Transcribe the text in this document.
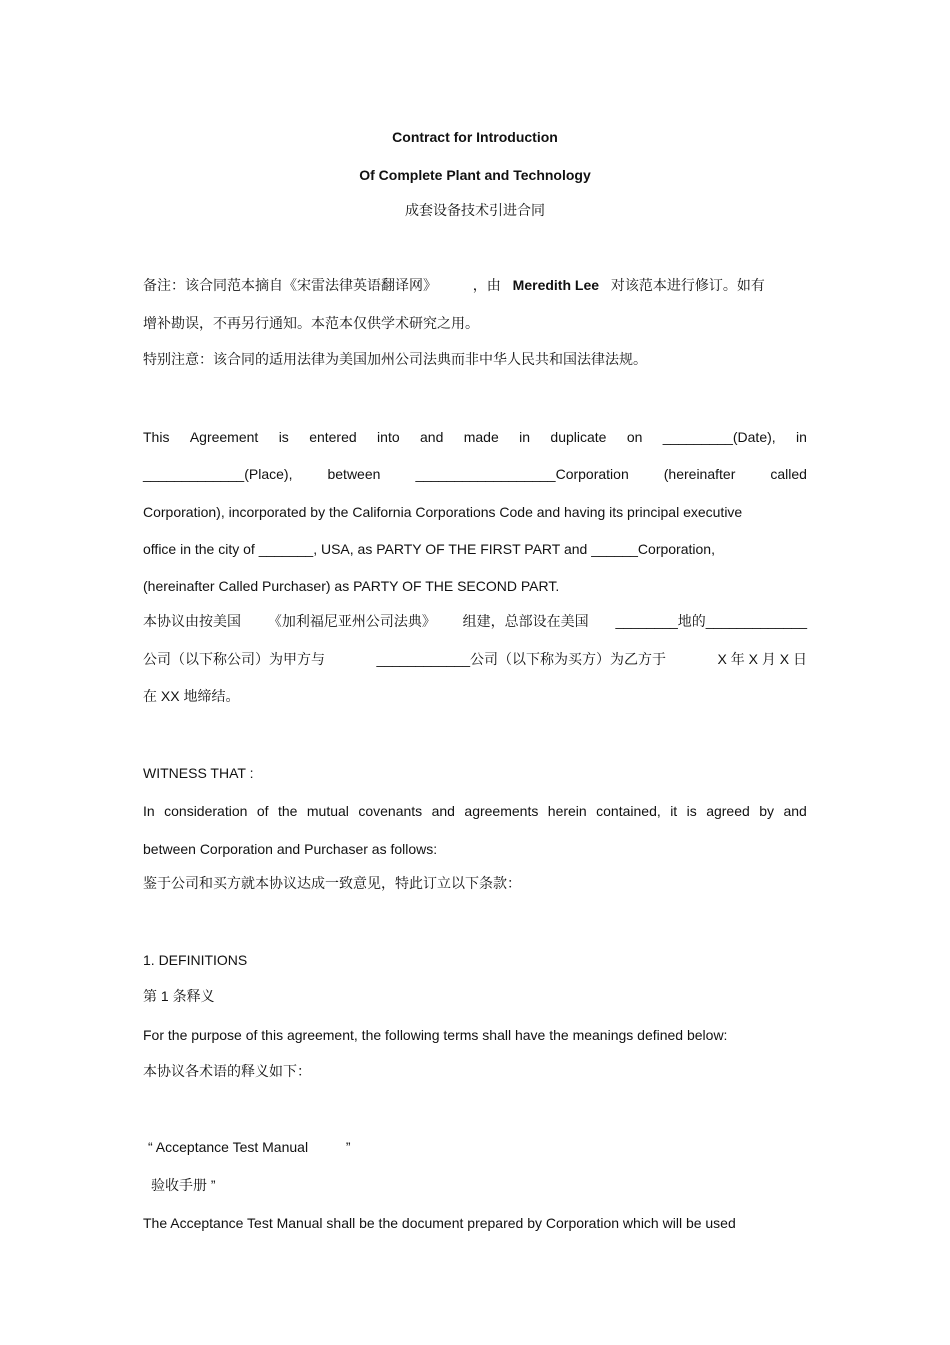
Contract for Introduction
Of Complete Plant and Technology
成套设备技术引进合同
备注：该合同范本摘自《宋雷法律英语翻译网》	，由 Meredith Lee 对该范本进行修订。如有
增补勘误，不再另行通知。本范本仅供学术研究之用。
特别注意：该合同的适用法律为美国加州公司法典而非中华人民共和国法律法规。
This Agreement is entered into and made in duplicate on _________(Date), in
_____________(Place),	between	__________________Corporation	(hereinafter	called
Corporation), incorporated by the California Corporations Code and having its principal executive
office in the city of _______, USA, as PARTY OF THE FIRST PART and ______Corporation,
(hereinafter Called Purchaser) as PARTY OF THE SECOND PART.
本协议由按美国 《加利福尼亚州公司法典》 组建，总部设在美国 ________地的_____________
公司（以下称公司）为甲方与	____________公司（以下称为买方）为乙方于	X 年 X 月 X 日
在 XX 地缔结。
WITNESS THAT :
In consideration of the mutual covenants and agreements herein contained, it is agreed by and
between Corporation and Purchaser as follows:
鉴于公司和买方就本协议达成一致意见，特此订立以下条款：
1. DEFINITIONS
第 1 条释义
For the purpose of this agreement, the following terms shall have the meanings defined below:
本协议各术语的释义如下：
“ Acceptance Test Manual	”
验收手册 ”
The Acceptance Test Manual shall be the document prepared by Corporation which will be used
